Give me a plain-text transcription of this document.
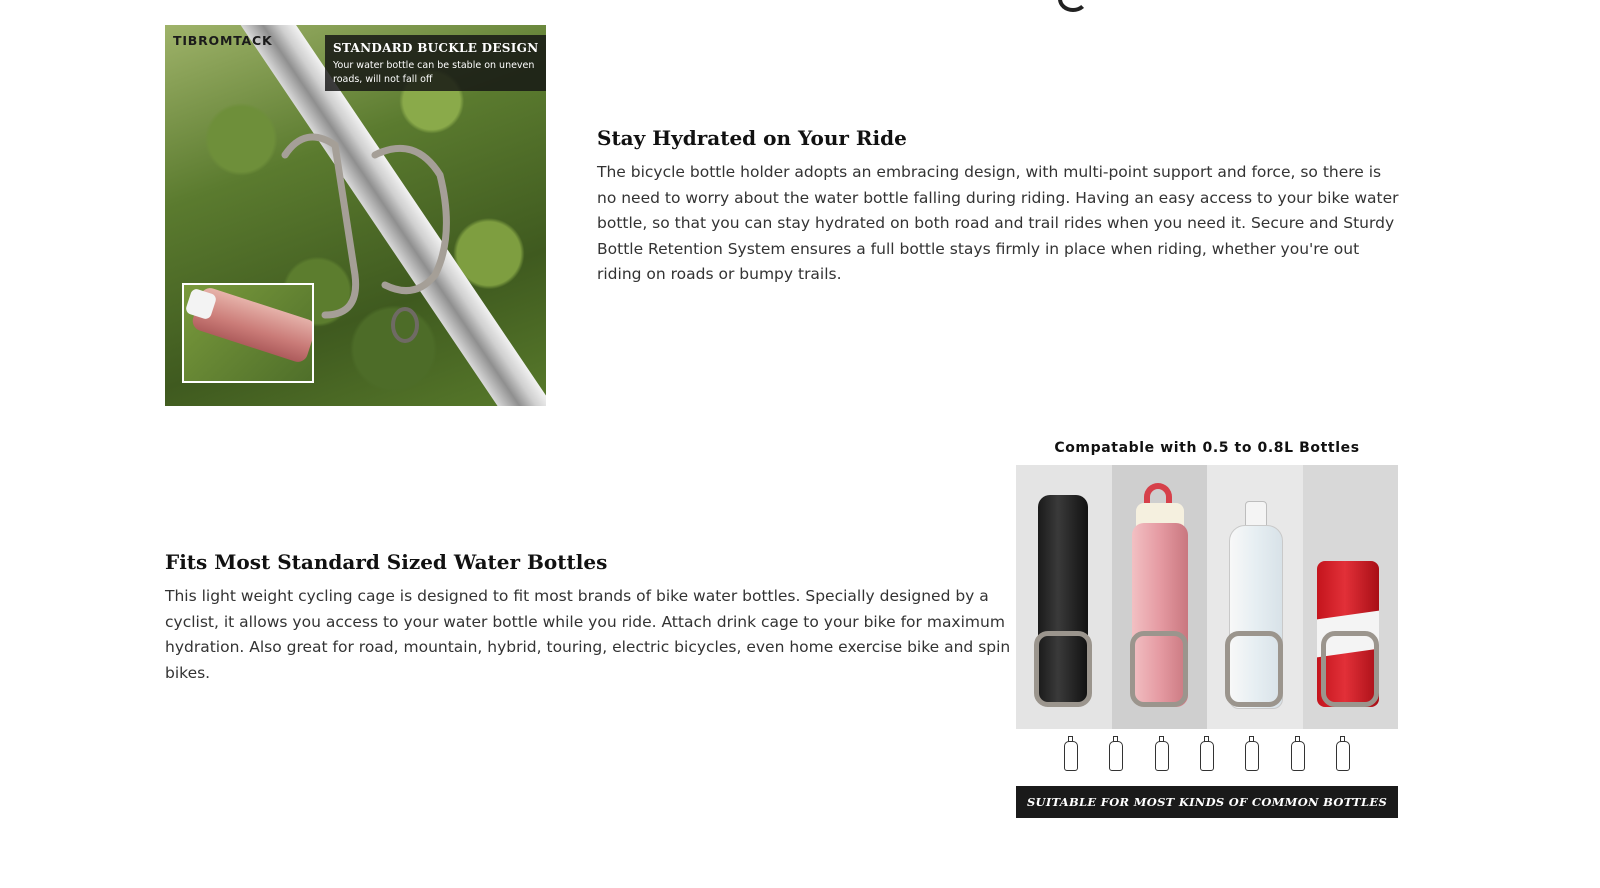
TIBROMTACK	STANDARD BUCKLE DESIGN
Your water bottle can be stable on uneven roads, will not fall off
Stay Hydrated on Your Ride

The bicycle bottle holder adopts an embracing design, with multi-point support and force, so there is no need to worry about the water bottle falling during riding. Having an easy access to your bike water bottle, so that you can stay hydrated on both road and trail rides when you need it. Secure and Sturdy Bottle Retention System ensures a full bottle stays firmly in place when riding, whether you're out riding on roads or bumpy trails.

Fits Most Standard Sized Water Bottles

This light weight cycling cage is designed to fit most brands of bike water bottles. Specially designed by a cyclist, it allows you access to your water bottle while you ride. Attach drink cage to your bike for maximum hydration. Also great for road, mountain, hybrid, touring, electric bicycles, even home exercise bike and spin bikes.

Compatable with 0.5 to 0.8L Bottles
SUITABLE FOR MOST KINDS OF COMMON BOTTLES
